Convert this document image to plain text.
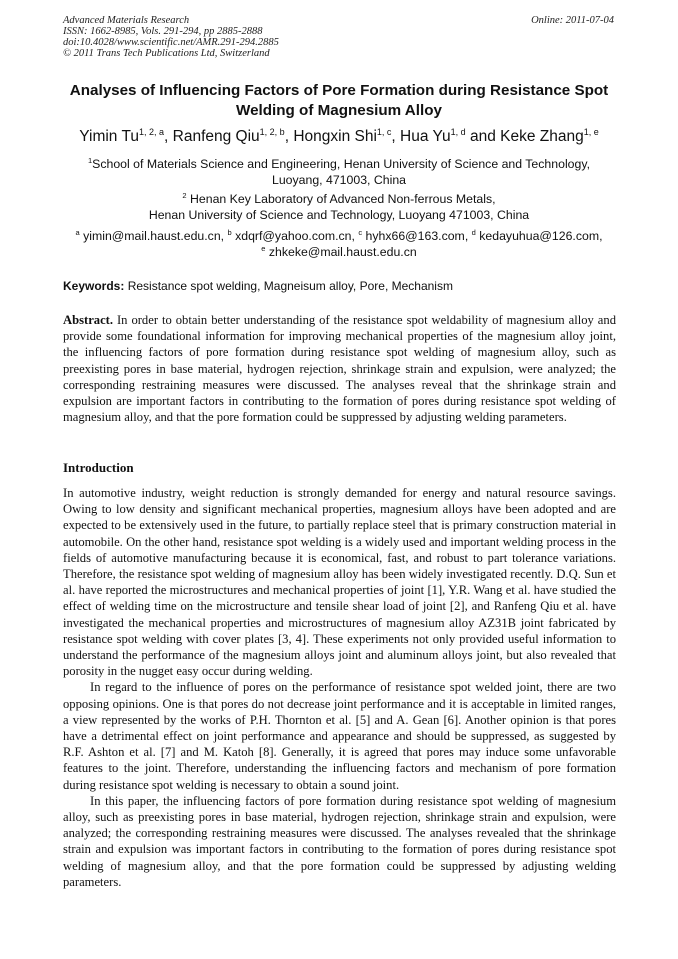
Advanced Materials Research
ISSN: 1662-8985, Vols. 291-294, pp 2885-2888
doi:10.4028/www.scientific.net/AMR.291-294.2885
© 2011 Trans Tech Publications Ltd, Switzerland
Online: 2011-07-04
Analyses of Influencing Factors of Pore Formation during Resistance Spot Welding of Magnesium Alloy
Yimin Tu$^{1, 2, a}$, Ranfeng Qiu$^{1, 2, b}$, Hongxin Shi$^{1, c}$, Hua Yu$^{1, d}$ and Keke Zhang$^{1, e}$
$^1$School of Materials Science and Engineering, Henan University of Science and Technology,
Luoyang, 471003, China
$^2$ Henan Key Laboratory of Advanced Non-ferrous Metals,
Henan University of Science and Technology, Luoyang 471003, China
$^a$ yimin@mail.haust.edu.cn, $^b$ xdqrf@yahoo.com.cn, $^c$ hyhx66@163.com, $^d$ kedayuhua@126.com,
$^e$ zhkeke@mail.haust.edu.cn
Keywords: Resistance spot welding, Magneisum alloy, Pore, Mechanism
Abstract. In order to obtain better understanding of the resistance spot weldability of magnesium alloy and provide some foundational information for improving mechanical properties of the magnesium alloy joint, the influencing factors of pore formation during resistance spot welding of magnesium alloy, such as preexisting pores in base material, hydrogen rejection, shrinkage strain and expulsion, were analyzed; the corresponding restraining measures were discussed. The analyses reveal that the shrinkage strain and expulsion are important factors in contributing to the formation of pores during resistance spot welding of magnesium alloy, and that the pore formation could be suppressed by adjusting welding parameters.
Introduction

In automotive industry, weight reduction is strongly demanded for energy and natural resource savings. Owing to low density and significant mechanical properties, magnesium alloys have been adopted and are expected to be extensively used in the future, to partially replace steel that is primary construction material in automobile. On the other hand, resistance spot welding is a widely used and important welding process in the fields of automotive manufacturing because it is economical, fast, and robust to part tolerance variations. Therefore, the resistance spot welding of magnesium alloy has been widely investigated recently. D.Q. Sun et al. have reported the microstructures and mechanical properties of joint [1], Y.R. Wang et al. have studied the effect of welding time on the microstructure and tensile shear load of joint [2], and Ranfeng Qiu et al. have investigated the mechanical properties and microstructures of magnesium alloy AZ31B joint fabricated by resistance spot welding with cover plates [3, 4]. These experiments not only provided useful information to understand the performance of the magnesium alloys joint and aluminum alloys joint, but also revealed that porosity in the nugget easy occur during welding.

In regard to the influence of pores on the performance of resistance spot welded joint, there are two opposing opinions. One is that pores do not decrease joint performance and it is acceptable in limited ranges, a view represented by the works of P.H. Thornton et al. [5] and A. Gean [6]. Another opinion is that pores have a detrimental effect on joint performance and appearance and should be suppressed, as suggested by R.F. Ashton et al. [7] and M. Katoh [8]. Generally, it is agreed that pores may induce some unfavorable features to the joint. Therefore, understanding the influencing factors and mechanism of pore formation during resistance spot welding is necessary to obtain a sound joint.

In this paper, the influencing factors of pore formation during resistance spot welding of magnesium alloy, such as preexisting pores in base material, hydrogen rejection, shrinkage strain and expulsion, were analyzed; the corresponding restraining measures were discussed. The analyses revealed that the shrinkage strain and expulsion was important factors in contributing to the formation of pores during resistance spot welding of magnesium alloy, and that the pore formation could be suppressed by adjusting welding parameters.
